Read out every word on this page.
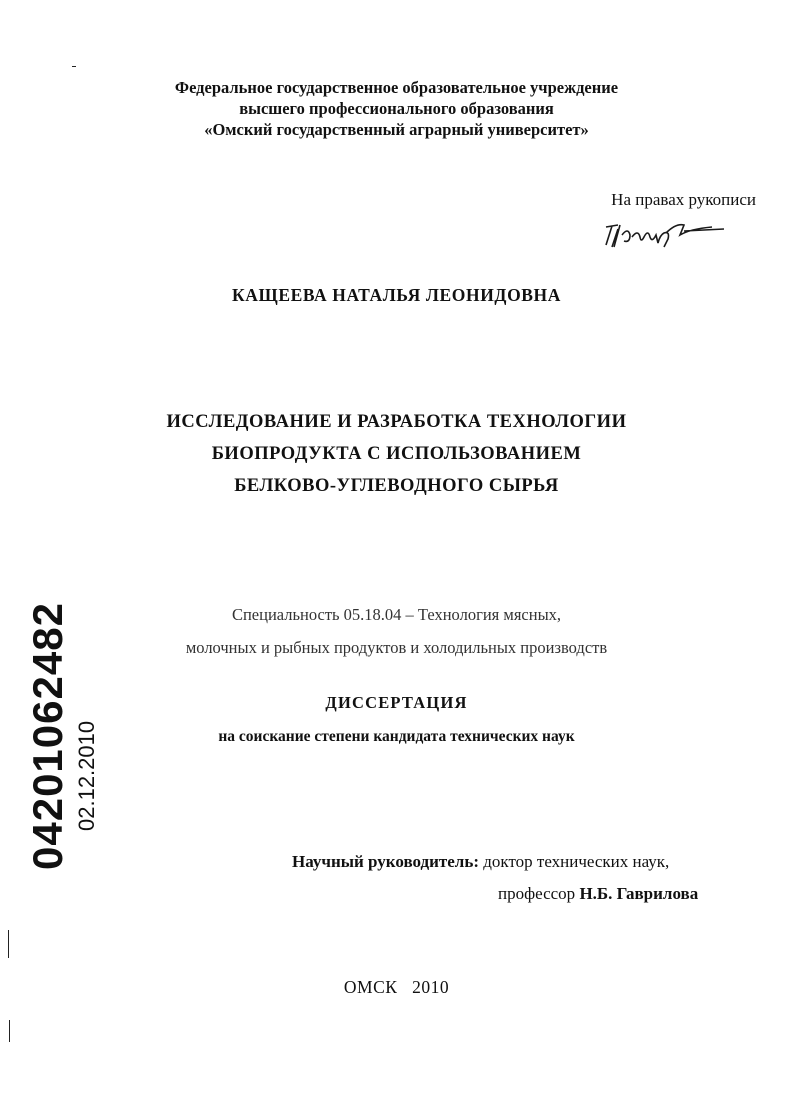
Федеральное государственное образовательное учреждение
высшего профессионального образования
«Омский государственный аграрный университет»
На правах рукописи
КАЩЕЕВА НАТАЛЬЯ ЛЕОНИДОВНА
ИССЛЕДОВАНИЕ И РАЗРАБОТКА ТЕХНОЛОГИИ
БИОПРОДУКТА С ИСПОЛЬЗОВАНИЕМ
БЕЛКОВО-УГЛЕВОДНОГО СЫРЬЯ
Специальность 05.18.04 – Технология мясных,
молочных и рыбных продуктов и холодильных производств
ДИССЕРТАЦИЯ
на соискание степени кандидата технических наук
Научный руководитель: доктор технических наук,
профессор Н.Б. Гаврилова
ОМСК   2010
04201062482 02.12.2010
